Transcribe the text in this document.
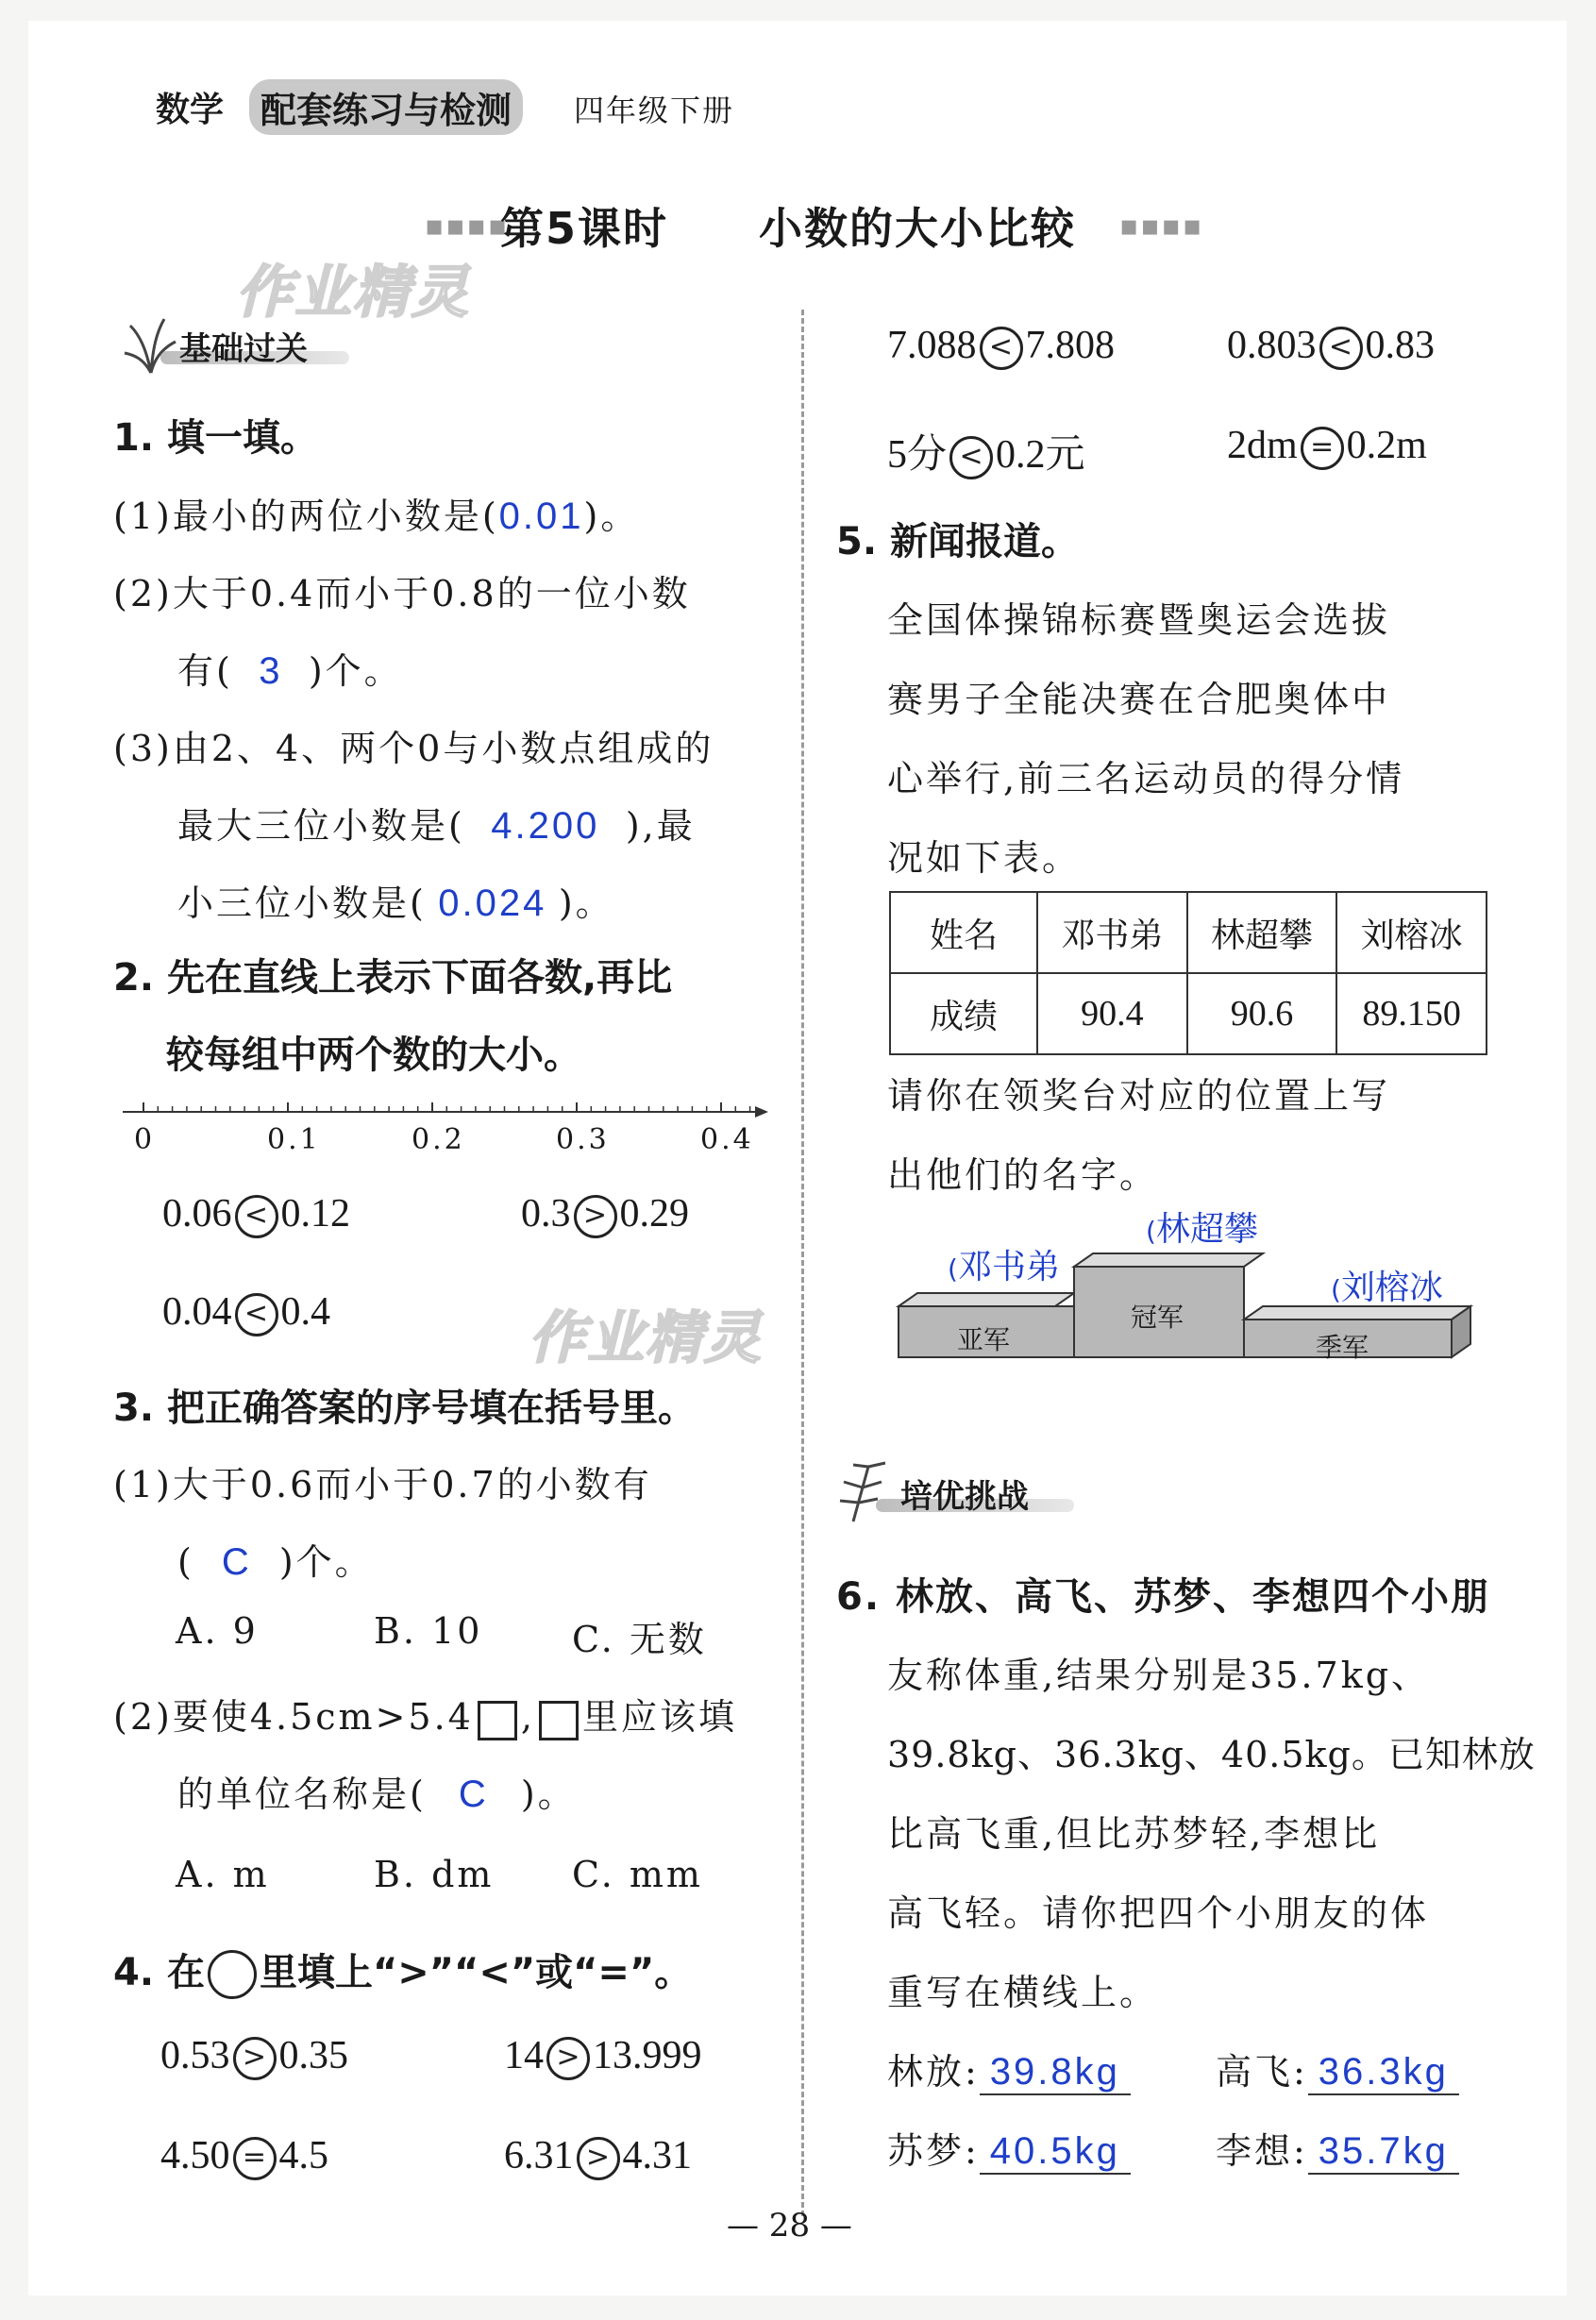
数学	配套练习与检测	四年级下册
▪▪▪▪
第5课时 小数的大小比较 ▪▪▪▪
作业精灵
作业精灵
基础过关
1. 填一填。
(1)最小的两位小数是(0.01)。
(2)大于0.4而小于0.8的一位小数
有( 3 )个。
(3)由2、4、两个0与小数点组成的
最大三位小数是( 4.200 ),最
小三位小数是( 0.024 )。
2. 先在直线上表示下面各数,再比
较每组中两个数的大小。
0	0.1	0.2	0.3	0.4
0.06 < 0.12	0.3 > 0.29
0.04 < 0.4
3. 把正确答案的序号填在括号里。
(1)大于0.6而小于0.7的小数有
( C )个。
A. 9	B. 10 C. 无数
(2)要使4.5cm>5.4 , 里应该填
的单位名称是( C )。
A. m	B. dm C. mm
4. 在 里填上“>”“<”或“=”。
0.53 > 0.35	14 > 13.999
4.50 = 4.5	6.31 > 4.31
7.088 < 7.808	0.803 < 0.83
5分 < 0.2元	2dm = 0.2m
5. 新闻报道。
全国体操锦标赛暨奥运会选拔
赛男子全能决赛在合肥奥体中
心举行,前三名运动员的得分情
况如下表。
姓名	邓书弟	林超攀	刘榕冰
成绩	90.4	90.6	89.150
请你在领奖台对应的位置上写
出他们的名字。
亚军
冠军
季军
(邓书弟
(林超攀
(刘榕冰
培优挑战
6. 林放、高飞、苏梦、李想四个小朋
友称体重,结果分别是35.7kg、
39.8kg、36.3kg、40.5kg。已知林放
比高飞重,但比苏梦轻,李想比
高飞轻。请你把四个小朋友的体
重写在横线上。
林放: 39.8kg	高飞: 36.3kg
苏梦: 40.5kg	李想: 35.7kg
— 28 —
